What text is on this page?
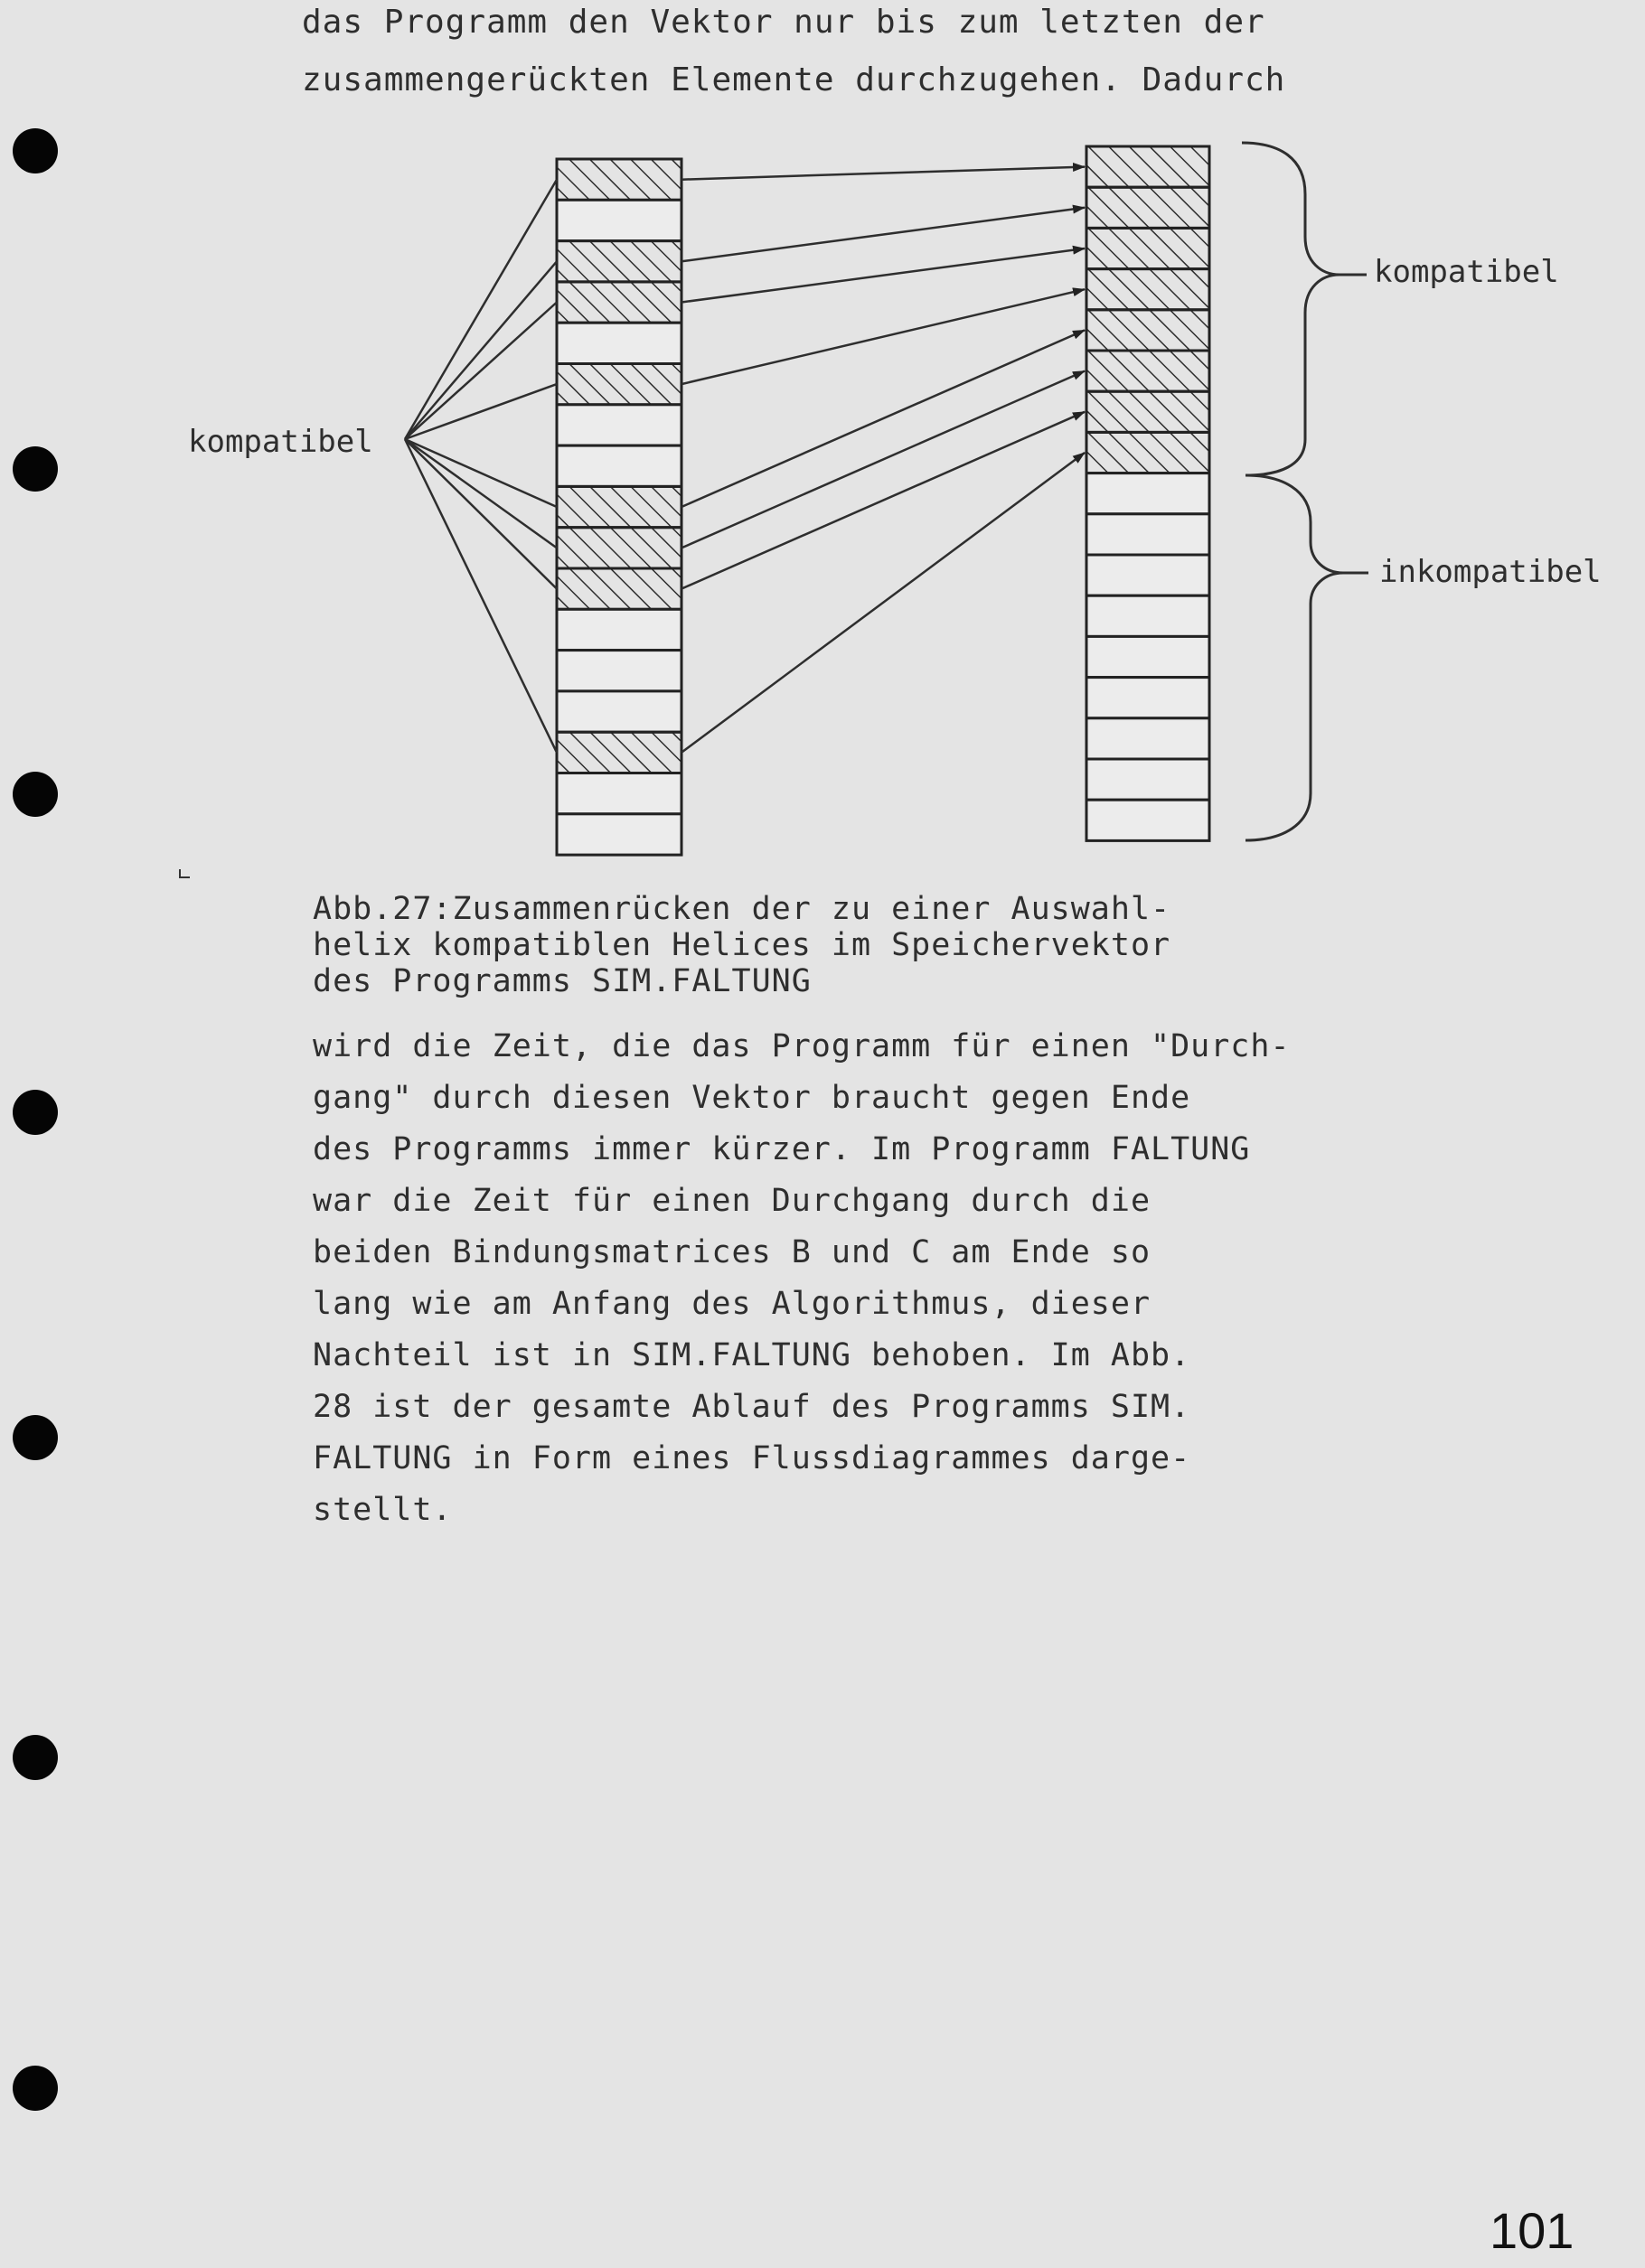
das Programm den Vektor nur bis zum letzten der

zusammengerückten Elemente durchzugehen. Dadurch

kompatibel
kompatibel
inkompatibel

Abb.27:Zusammenrücken der zu einer Auswahl-

helix kompatiblen Helices im Speichervektor

des Programms SIM.FALTUNG

wird die Zeit, die das Programm für einen "Durch-

gang" durch diesen Vektor braucht gegen Ende

des Programms immer kürzer. Im Programm FALTUNG

war die Zeit für einen Durchgang durch die

beiden Bindungsmatrices B und C am Ende so

lang wie am Anfang des Algorithmus, dieser

Nachteil ist in SIM.FALTUNG behoben. Im Abb.

28 ist der gesamte Ablauf des Programms SIM.

FALTUNG in Form eines Flussdiagrammes darge-

stellt.

101
